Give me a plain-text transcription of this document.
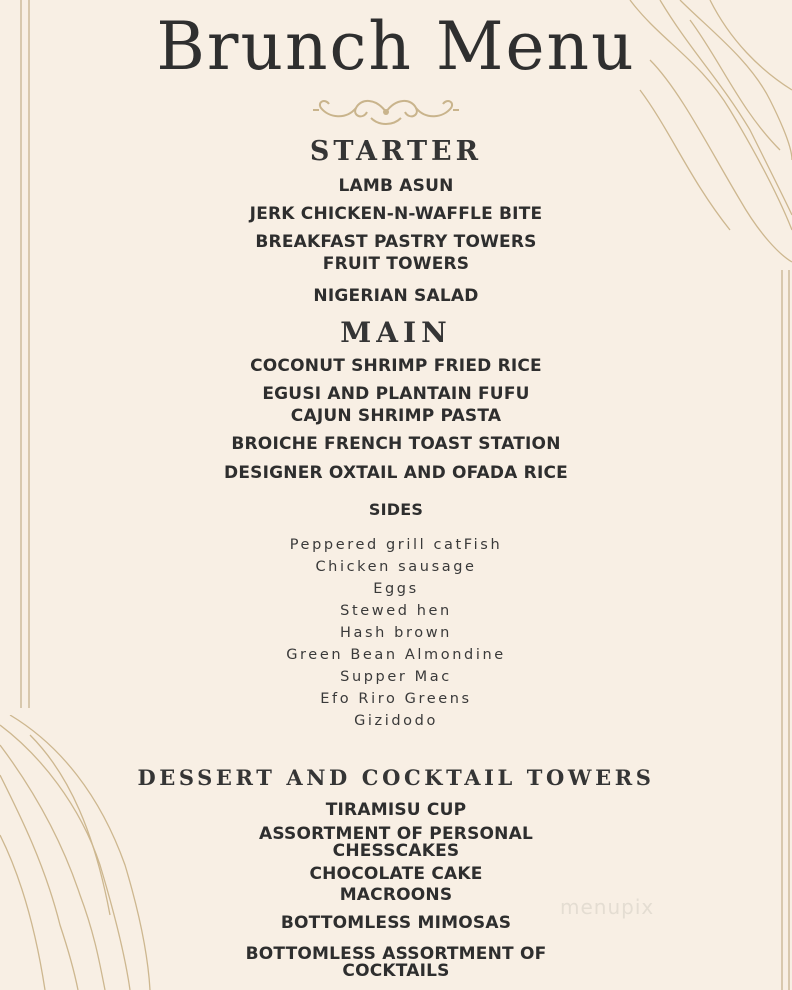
Brunch Menu
STARTER

LAMB ASUN

JERK CHICKEN-N-WAFFLE BITE

BREAKFAST PASTRY TOWERS

FRUIT TOWERS

NIGERIAN SALAD

MAIN

COCONUT SHRIMP FRIED RICE

EGUSI AND PLANTAIN FUFU

CAJUN SHRIMP PASTA

BROICHE FRENCH TOAST STATION

DESIGNER OXTAIL AND OFADA RICE

SIDES

Peppered grill catFish

Chicken sausage

Eggs

Stewed hen

Hash brown

Green Bean Almondine

Supper Mac

Efo Riro Greens

Gizidodo

DESSERT AND COCKTAIL TOWERS

TIRAMISU CUP

ASSORTMENT OF PERSONAL

CHESSCAKES

CHOCOLATE CAKE

MACROONS

BOTTOMLESS MIMOSAS

BOTTOMLESS ASSORTMENT OF

COCKTAILS

menupix
